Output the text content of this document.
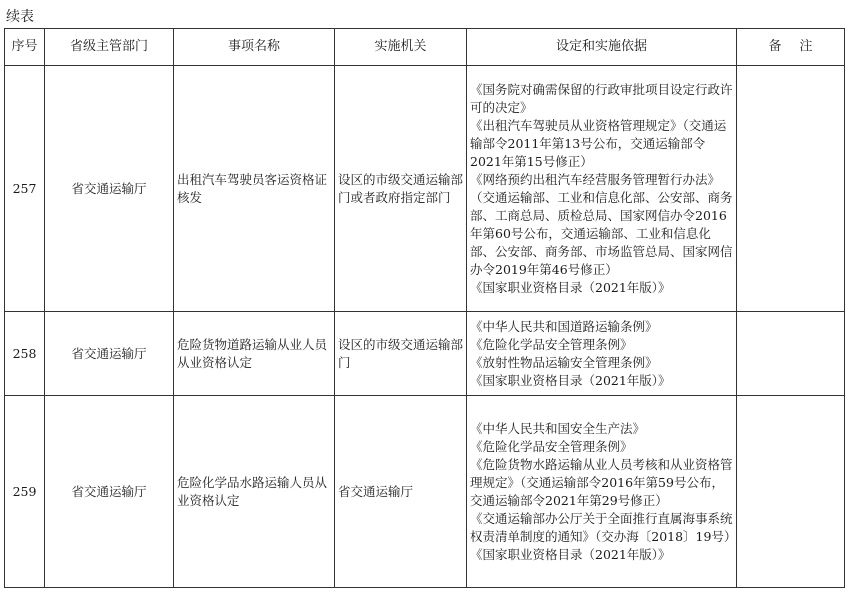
续表
序号	省级主管部门	事项名称	实施机关	设定和实施依据	备注
257	省交通运输厅	出租汽车驾驶员客运资格证核发	设区的市级交通运输部门或者政府指定部门	《国务院对确需保留的行政审批项目设定行政许可的决定》

《出租汽车驾驶员从业资格管理规定》（交通运输部令2011年第13号公布，交通运输部令2021年第15号修正）

《网络预约出租汽车经营服务管理暂行办法》（交通运输部、工业和信息化部、公安部、商务部、工商总局、质检总局、国家网信办令2016年第60号公布，交通运输部、工业和信息化部、公安部、商务部、市场监管总局、国家网信办令2019年第46号修正）

《国家职业资格目录（2021年版）》	

258	省交通运输厅	危险货物道路运输从业人员从业资格认定	设区的市级交通运输部门	《中华人民共和国道路运输条例》

《危险化学品安全管理条例》

《放射性物品运输安全管理条例》

《国家职业资格目录（2021年版）》	

259	省交通运输厅	危险化学品水路运输人员从业资格认定	省交通运输厅	《中华人民共和国安全生产法》

《危险化学品安全管理条例》

《危险货物水路运输从业人员考核和从业资格管理规定》（交通运输部令2016年第59号公布，交通运输部令2021年第29号修正）

《交通运输部办公厅关于全面推行直属海事系统权责清单制度的通知》（交办海〔2018〕19号）

《国家职业资格目录（2021年版）》	
